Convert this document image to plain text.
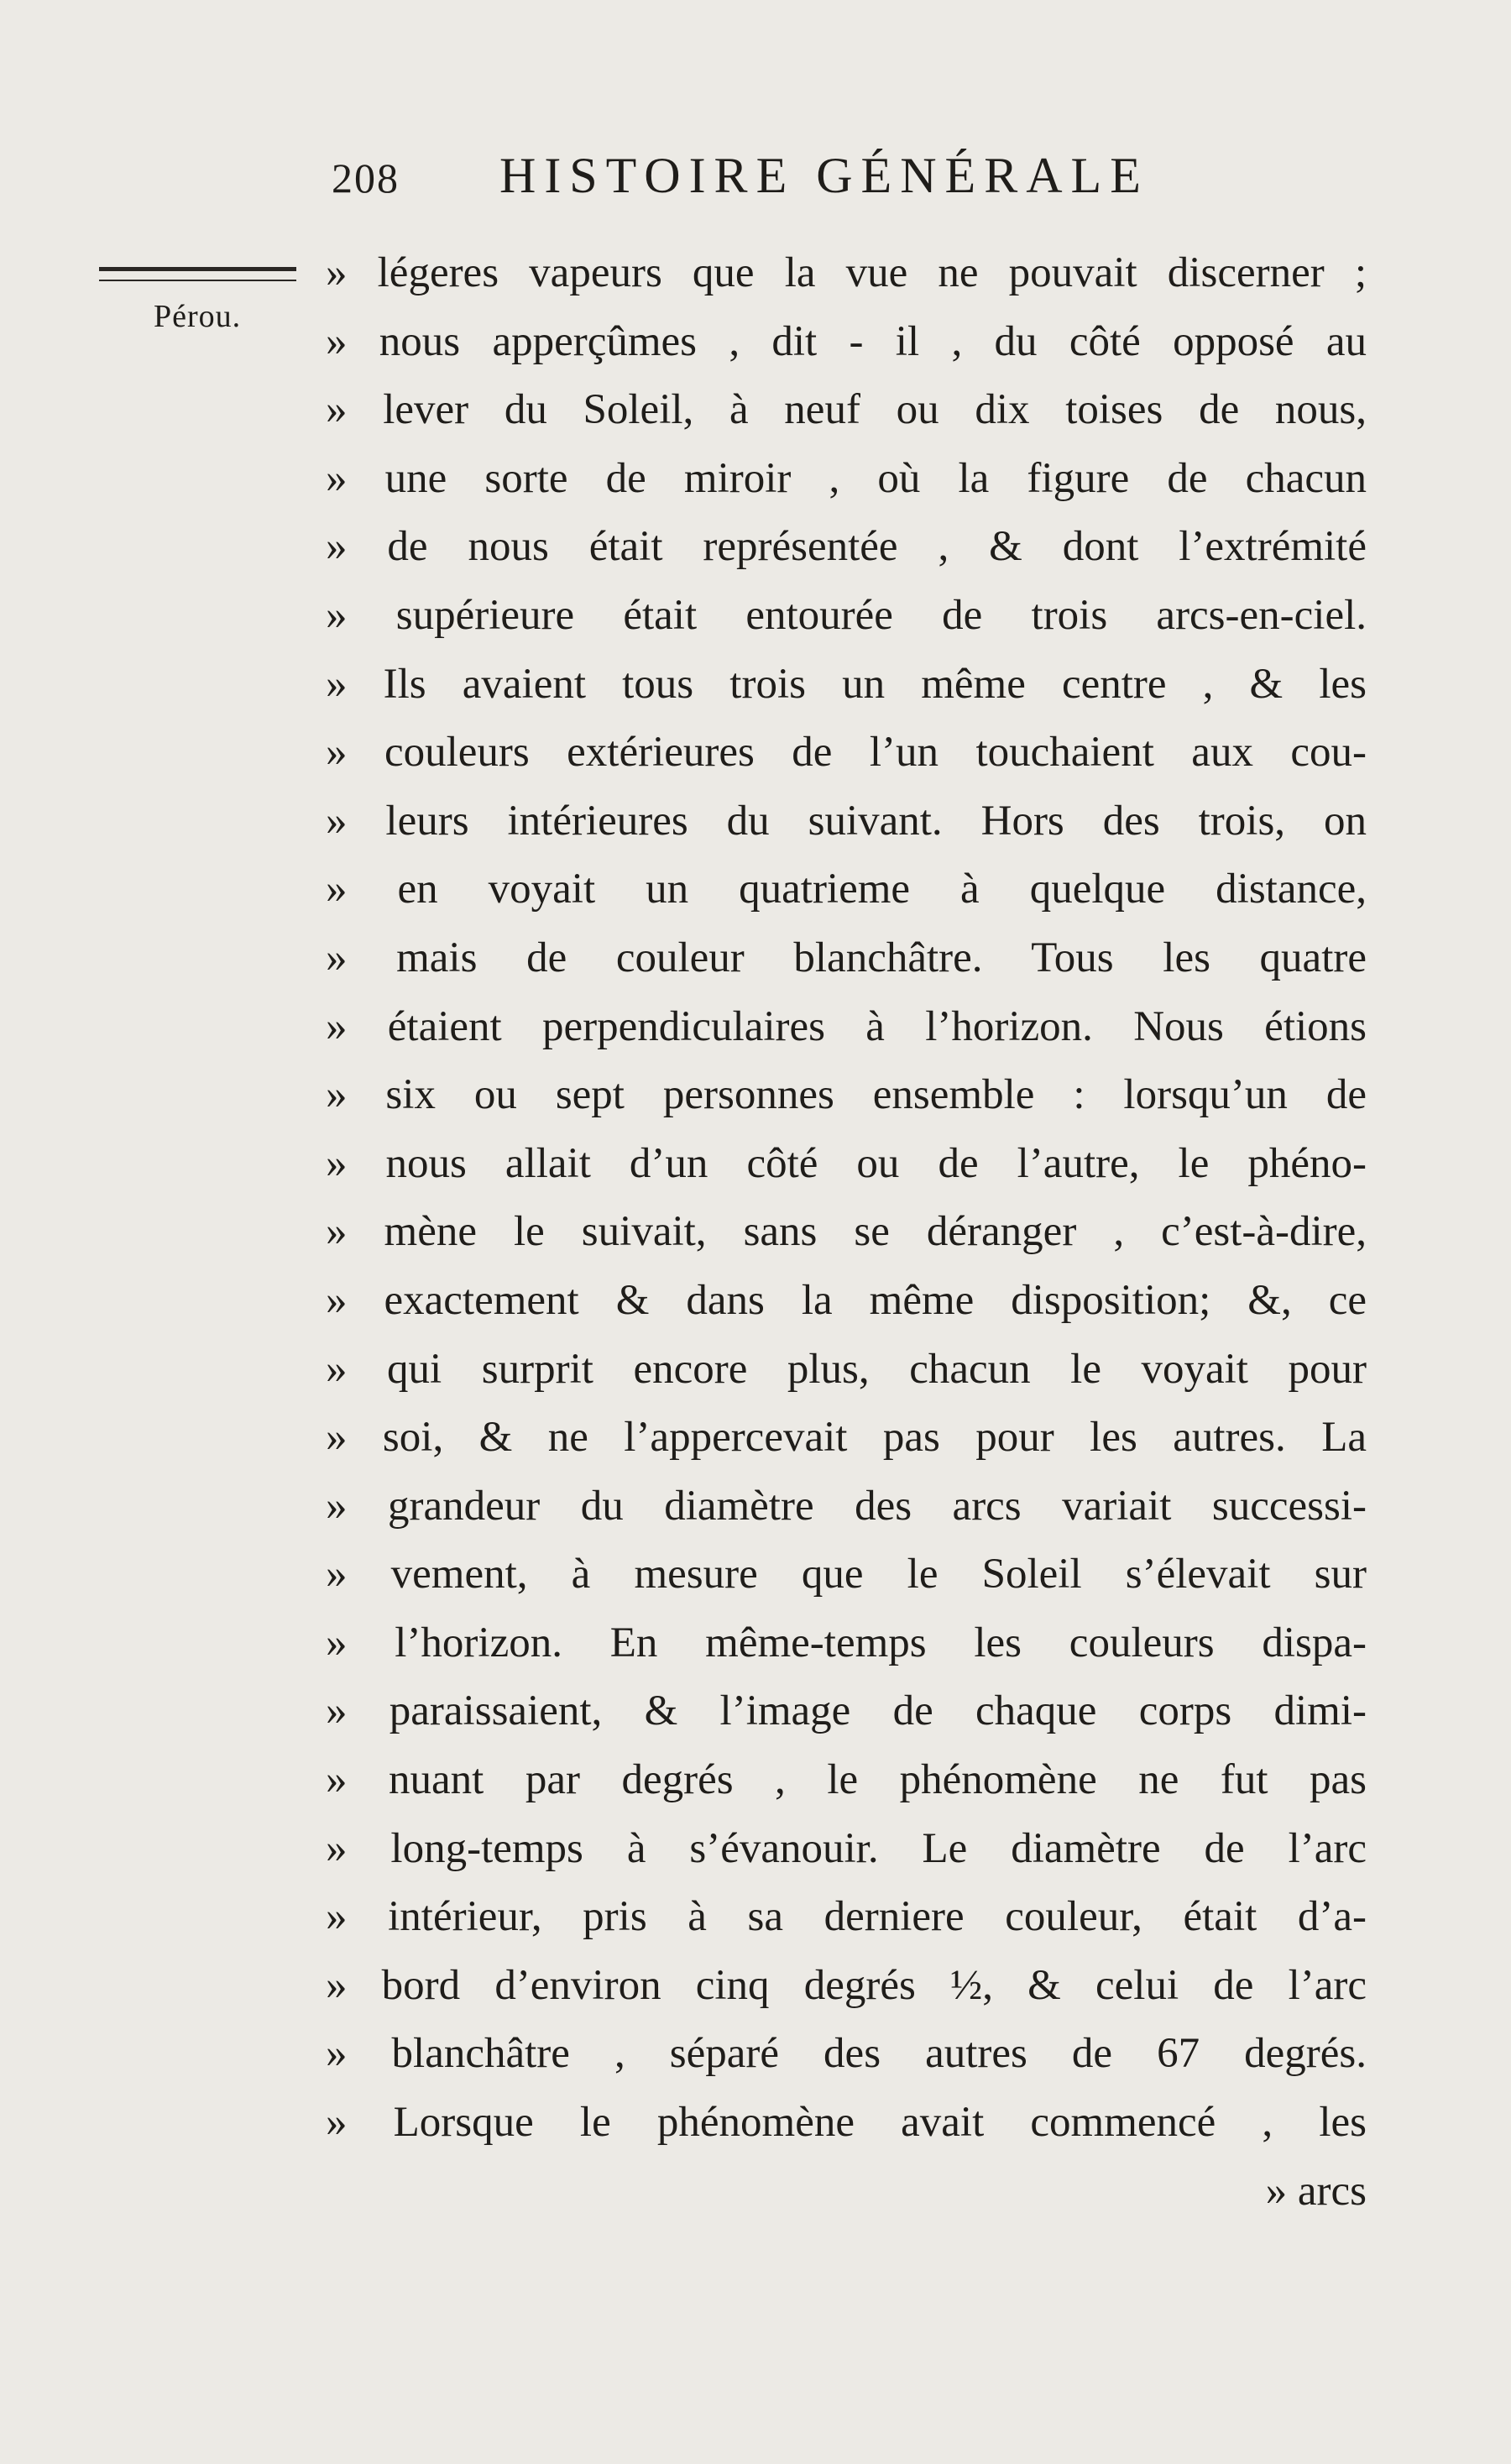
208 HISTOIRE GÉNÉRALE
Pérou.
» légeres vapeurs que la vue ne pouvait discerner ;
» nous apperçûmes , dit - il , du côté opposé au
» lever du Soleil, à neuf ou dix toises de nous,
» une sorte de miroir , où la figure de chacun
» de nous était représentée , & dont l’extrémité
» supérieure était entourée de trois arcs-en-ciel.
» Ils avaient tous trois un même centre , & les
» couleurs extérieures de l’un touchaient aux cou-
» leurs intérieures du suivant. Hors des trois, on
» en voyait un quatrieme à quelque distance,
» mais de couleur blanchâtre. Tous les quatre
» étaient perpendiculaires à l’horizon. Nous étions
» six ou sept personnes ensemble : lorsqu’un de
» nous allait d’un côté ou de l’autre, le phéno-
» mène le suivait, sans se déranger , c’est-à-dire,
» exactement & dans la même disposition; &, ce
» qui surprit encore plus, chacun le voyait pour
» soi, & ne l’appercevait pas pour les autres. La
» grandeur du diamètre des arcs variait successi-
» vement, à mesure que le Soleil s’élevait sur
» l’horizon. En même-temps les couleurs dispa-
» paraissaient, & l’image de chaque corps dimi-
» nuant par degrés , le phénomène ne fut pas
» long-temps à s’évanouir. Le diamètre de l’arc
» intérieur, pris à sa derniere couleur, était d’a-
» bord d’environ cinq degrés ½, & celui de l’arc
» blanchâtre , séparé des autres de 67 degrés.
» Lorsque le phénomène avait commencé , les
» arcs
